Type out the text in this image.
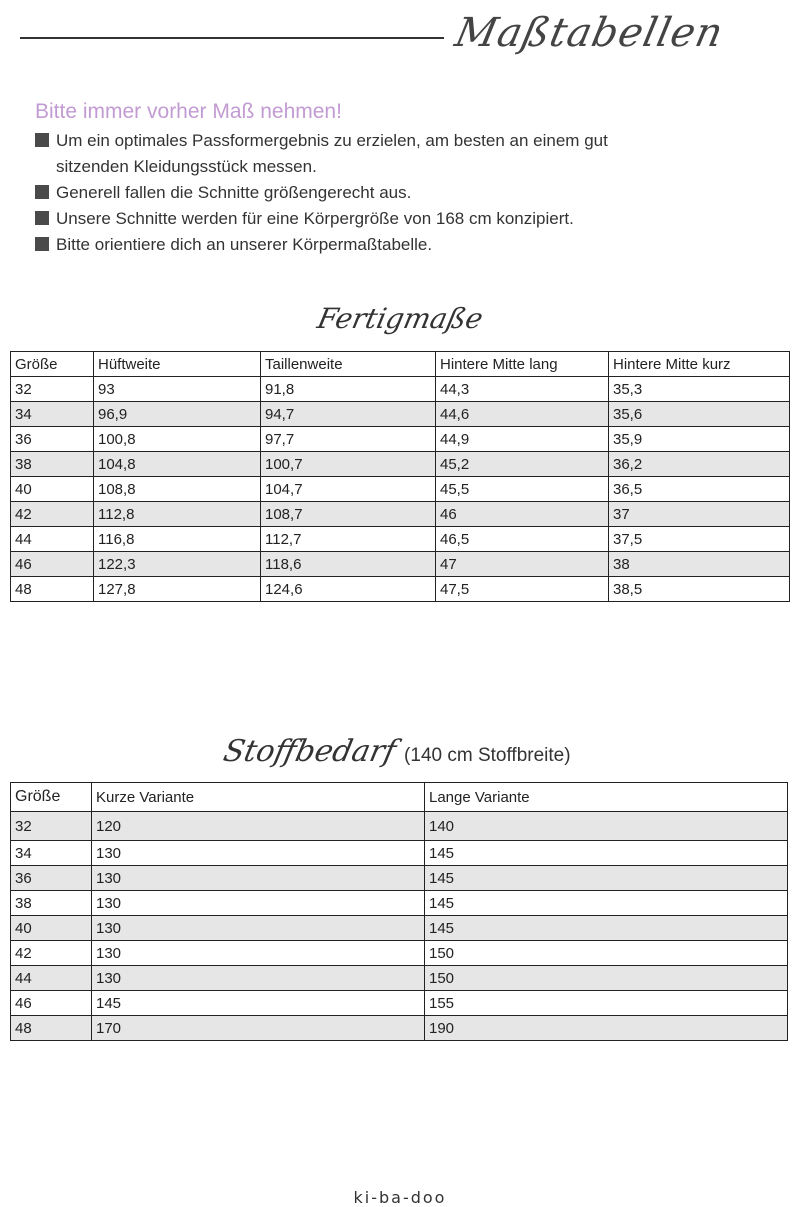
Maßtabellen
Bitte immer vorher Maß nehmen!
Um ein optimales Passformergebnis zu erzielen, am besten an einem gut sitzenden Kleidungsstück messen.
Generell fallen die Schnitte größengerecht aus.
Unsere Schnitte werden für eine Körpergröße von 168 cm konzipiert.
Bitte orientiere dich an unserer Körpermaßtabelle.
Fertigmaße
Größe	Hüftweite	Taillenweite	Hintere Mitte lang	Hintere Mitte kurz
32	93	91,8	44,3	35,3
34	96,9	94,7	44,6	35,6
36	100,8	97,7	44,9	35,9
38	104,8	100,7	45,2	36,2
40	108,8	104,7	45,5	36,5
42	112,8	108,7	46	37
44	116,8	112,7	46,5	37,5
46	122,3	118,6	47	38
48	127,8	124,6	47,5	38,5
Stoffbedarf (140 cm Stoffbreite)
Größe	Kurze Variante	Lange Variante
32	120	140
34	130	145
36	130	145
38	130	145
40	130	145
42	130	150
44	130	150
46	145	155
48	170	190
ki-ba-doo
